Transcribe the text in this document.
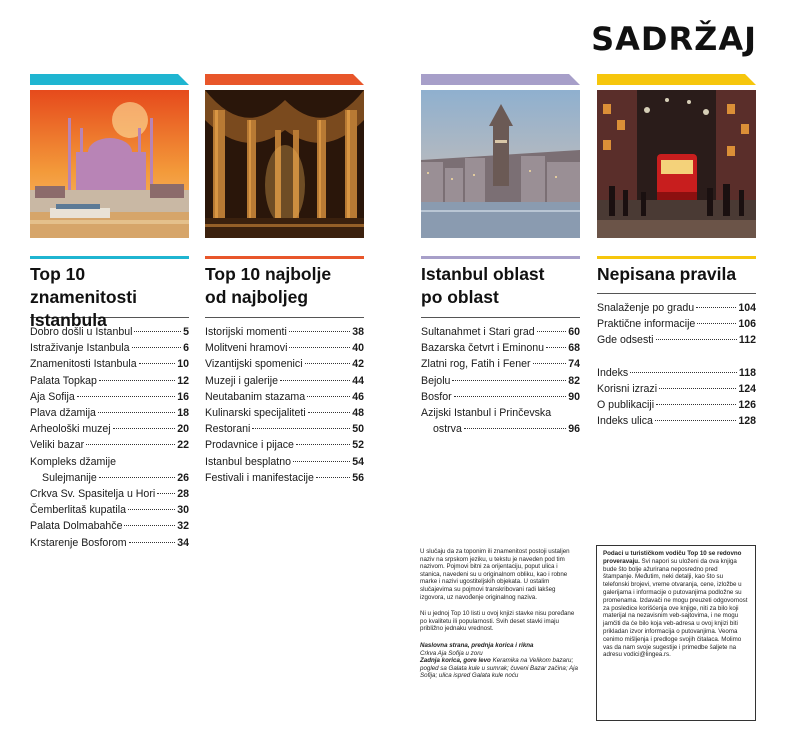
SADRŽAJ
Top 10 znamenitosti
Istanbula
Dobro došli u Istanbul	5
Istraživanje Istanbula	6
Znamenitosti Istanbula	10
Palata Topkap	12
Aja Sofija	16
Plava džamija	18
Arheološki muzej	20
Veliki bazar	22
Kompleks džamije
Sulejmanije	26
Crkva Sv. Spasitelja u Hori 28
Čemberlitaš kupatila	30
Palata Dolmabahče	32
Krstarenje Bosforom	34
Top 10 najbolje
od najboljeg
Istorijski momenti	38
Molitveni hramovi	40
Vizantijski spomenici	42
Muzeji i galerije	44
Neutabanim stazama	46
Kulinarski specijaliteti	48
Restorani	50
Prodavnice i pijace	52
Istanbul besplatno	54
Festivali i manifestacije	56
Istanbul oblast
po oblast
Sultanahmet i Stari grad	60
Bazarska četvrt i Eminonu 68
Zlatni rog, Fatih i Fener	74
Bejolu	82
Bosfor	90
Azijski Istanbul i Prinčevska
ostrva	96
Nepisana pravila
Snalaženje po gradu	104
Praktične informacije	106
Gde odsesti	112
Indeks	118
Korisni izrazi	124
O publikaciji	126
Indeks ulica	128

U slučaju da za toponim ili znamenitost postoji ustaljen naziv na srpskom jeziku, u tekstu je naveden pod tim nazivom. Pojmovi bitni za orijentaciju, poput ulica i stanica, navedeni su u originalnom obliku, kao i robne marke i nazivi ugostiteljskih objekata. U ostalim slučajevima su pojmovi transkribovani radi lakšeg izgovora, uz navođenje originalnog naziva.

Ni u jednoj Top 10 listi u ovoj knjizi stavke nisu poređane po kvalitetu ili popularnosti. Svih deset stavki imaju približno jednaku vrednost.

Naslovna strana, prednja korica i rikna
Crkva Aja Sofija u zoru
Zadnja korica, gore levo Keramika na Velikom bazaru; pogled sa Galata kule u sumrak; čuveni Bazar začina; Aja Sofija; ulica ispred Galata kule noću

Podaci u turističkom vodiču Top 10 se redovno proveravaju. Svi napori su uloženi da ova knjiga bude što bolje ažurirana neposredno pred štampanje. Međutim, neki detalji, kao što su telefonski brojevi, vreme otvaranja, cene, izložbe u galerijama i informacije o putovanjima podložne su promenama. Izdavači ne mogu preuzeti odgovornost za posledice korišćenja ove knjige, niti za bilo koji materijal na nezavisnim veb-sajtovima, i ne mogu jamčiti da će bilo koja veb-adresa u ovoj knjizi biti prikladan izvor informacija o putovanjima. Veoma cenimo mišljenja i predloge svojih čitalaca. Molimo vas da nam svoje sugestije i primedbe šaljete na adresu vodici@lingea.rs.
